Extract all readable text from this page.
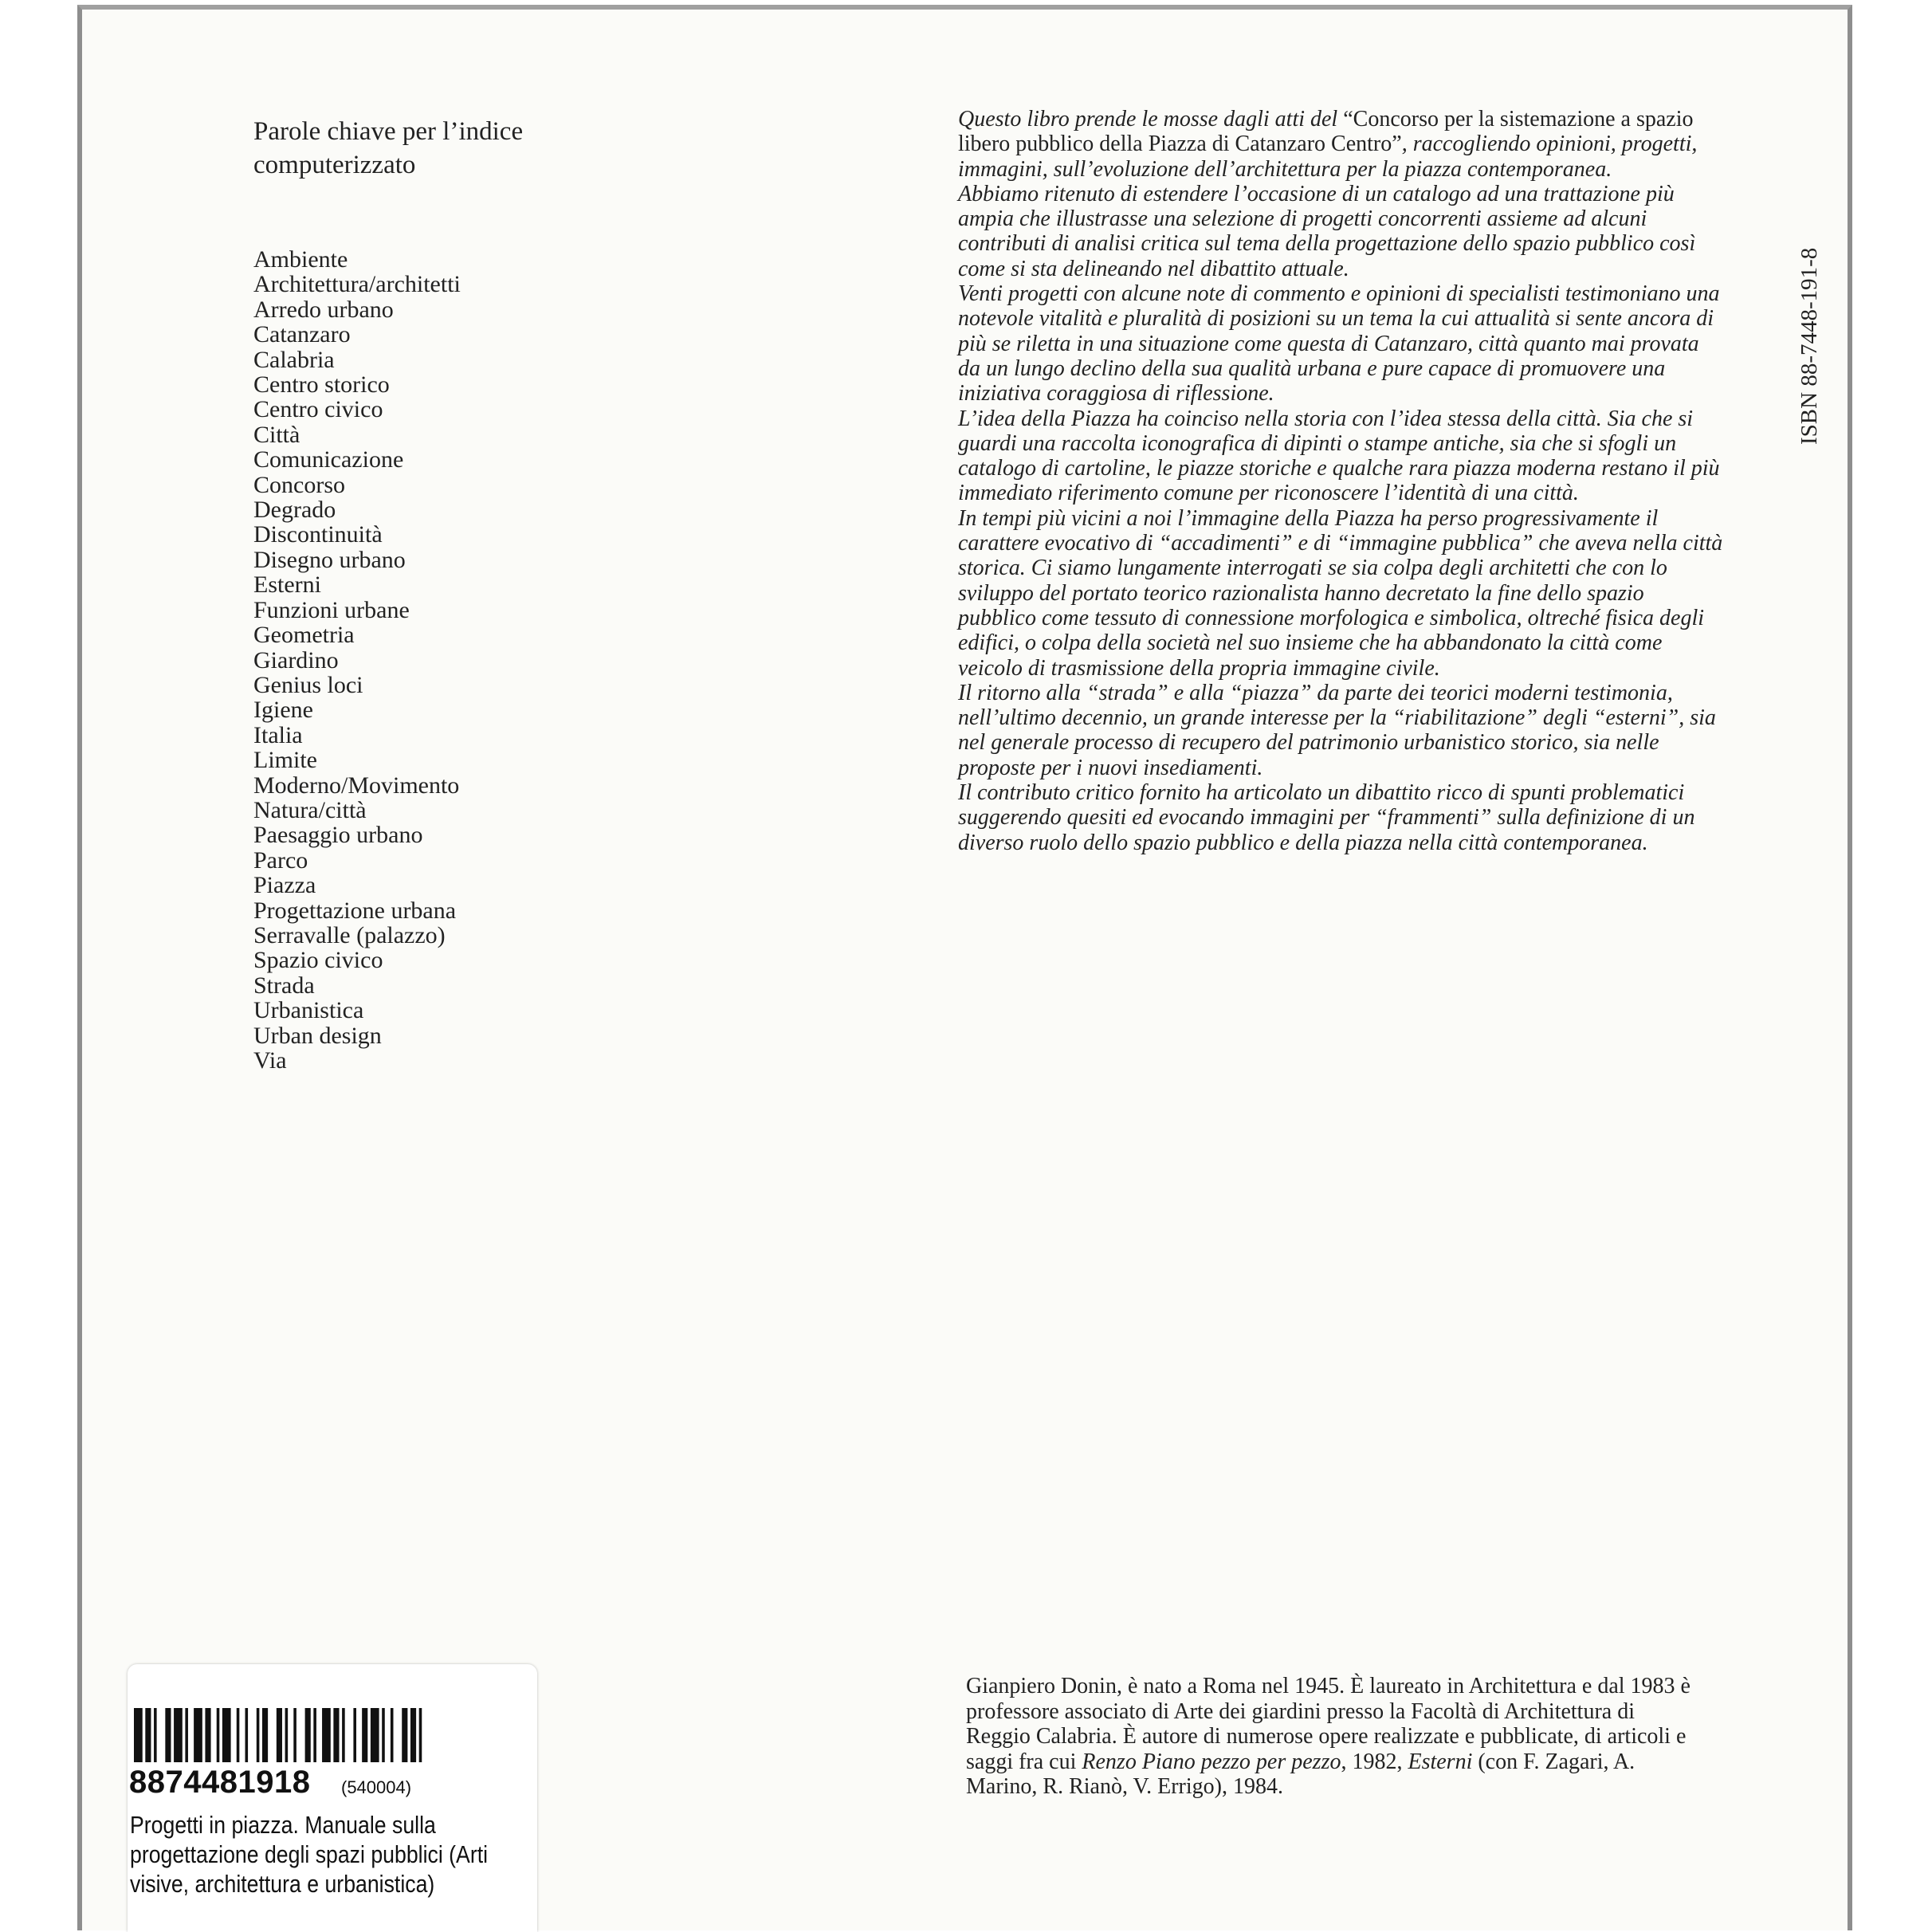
Parole chiave per l’indice
computerizzato
Ambiente
Architettura/architetti
Arredo urbano
Catanzaro
Calabria
Centro storico
Centro civico
Città
Comunicazione
Concorso
Degrado
Discontinuità
Disegno urbano
Esterni
Funzioni urbane
Geometria
Giardino
Genius loci
Igiene
Italia
Limite
Moderno/Movimento
Natura/città
Paesaggio urbano
Parco
Piazza
Progettazione urbana
Serravalle (palazzo)
Spazio civico
Strada
Urbanistica
Urban design
Via

Questo libro prende le mosse dagli atti del “Concorso per la sistemazione a spazio libero pubblico della Piazza di Catanzaro Centro”, raccogliendo opinioni, progetti, immagini, sull’evoluzione dell’architettura per la piazza contemporanea.

Abbiamo ritenuto di estendere l’occasione di un catalogo ad una trattazione più ampia che illustrasse una selezione di progetti concorrenti assieme ad alcuni contributi di analisi critica sul tema della progettazione dello spazio pubblico così come si sta delineando nel dibattito attuale.

Venti progetti con alcune note di commento e opinioni di specialisti testimoniano una notevole vitalità e pluralità di posizioni su un tema la cui attualità si sente ancora di più se riletta in una situazione come questa di Catanzaro, città quanto mai provata da un lungo declino della sua qualità urbana e pure capace di promuovere una iniziativa coraggiosa di riflessione.

L’idea della Piazza ha coinciso nella storia con l’idea stessa della città. Sia che si guardi una raccolta iconografica di dipinti o stampe antiche, sia che si sfogli un catalogo di cartoline, le piazze storiche e qualche rara piazza moderna restano il più immediato riferimento comune per riconoscere l’identità di una città.

In tempi più vicini a noi l’immagine della Piazza ha perso progressivamente il carattere evocativo di “accadimenti” e di “immagine pubblica” che aveva nella città storica. Ci siamo lungamente interrogati se sia colpa degli architetti che con lo sviluppo del portato teorico razionalista hanno decretato la fine dello spazio pubblico come tessuto di connessione morfologica e simbolica, oltreché fisica degli edifici, o colpa della società nel suo insieme che ha abbandonato la città come veicolo di trasmissione della propria immagine civile.

Il ritorno alla “strada” e alla “piazza” da parte dei teorici moderni testimonia, nell’ultimo decennio, un grande interesse per la “riabilitazione” degli “esterni”, sia nel generale processo di recupero del patrimonio urbanistico storico, sia nelle proposte per i nuovi insediamenti.

Il contributo critico fornito ha articolato un dibattito ricco di spunti problematici suggerendo quesiti ed evocando immagini per “frammenti” sulla definizione di un diverso ruolo dello spazio pubblico e della piazza nella città contemporanea.

ISBN 88-7448-191-8

Gianpiero Donin, è nato a Roma nel 1945. È laureato in Architettura e dal 1983 è professore associato di Arte dei giardini presso la Facoltà di Architettura di Reggio Calabria. È autore di numerose opere realizzate e pubblicate, di articoli e saggi fra cui Renzo Piano pezzo per pezzo, 1982, Esterni (con F. Zagari, A. Marino, R. Rianò, V. Errigo), 1984.

8874481918 (540004)
Progetti in piazza. Manuale sulla progettazione degli spazi pubblici (Arti visive, architettura e urbanistica)
